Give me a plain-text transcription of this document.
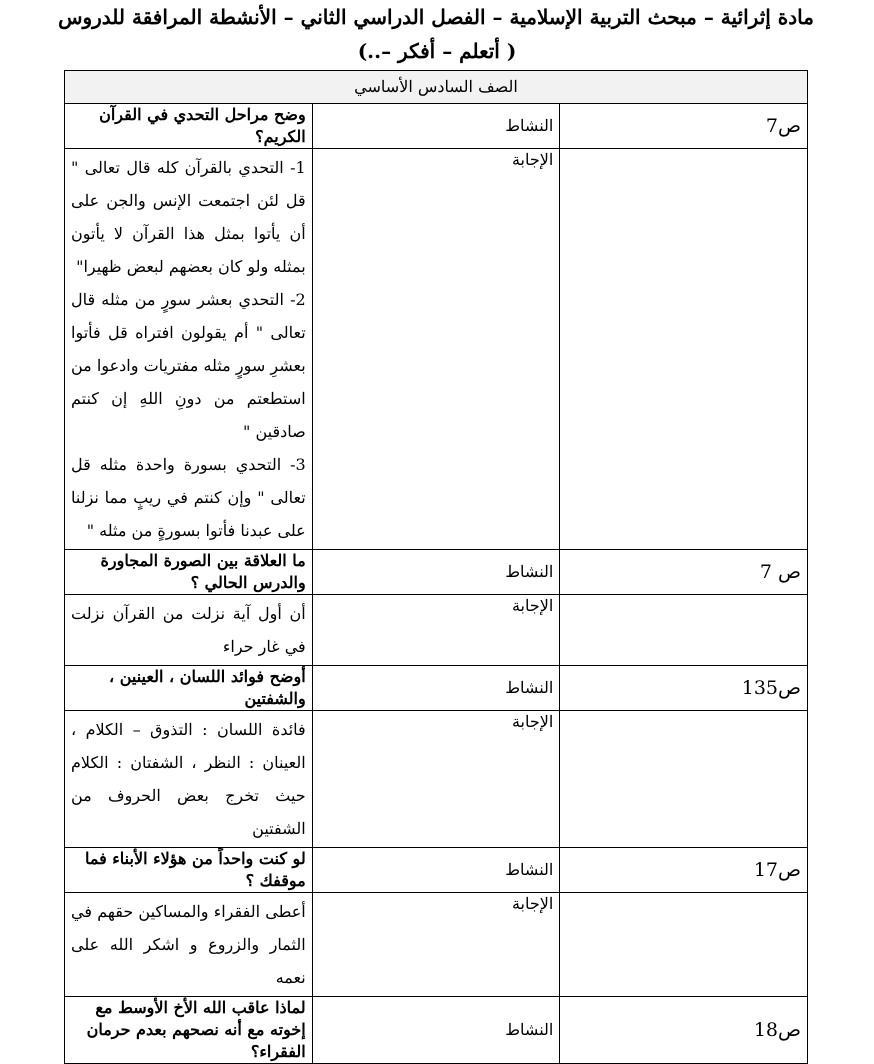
مادة إثرائية – مبحث التربية الإسلامية – الفصل الدراسي الثاني – الأنشطة المرافقة للدروس
( أتعلم – أفكر –..)
الصف السادس الأساسي		
ص7	النشاط	وضح مراحل التحدي في القرآن الكريم؟
	الإجابة	1- التحدي بالقرآن كله قال تعالى " قل لئن اجتمعت الإنس والجن على أن يأتوا بمثل هذا القرآن لا يأتون بمثله ولو كان بعضهم لبعض ظهيرا"

2- التحدي بعشر سورٍ من مثله قال تعالى " أم يقولون افتراه قل فأتوا بعشرِ سورٍ مثله مفتريات وادعوا من استطعتم من دونِ اللهِ إن كنتم صادقين "

3- التحدي بسورة واحدة مثله قل تعالى " وإن كنتم في ريبٍ مما نزلنا على عبدنا فأتوا بسورةٍ من مثله "

ص 7	النشاط	ما العلاقة بين الصورة المجاورة والدرس الحالي ؟
	الإجابة	أن أول آية نزلت من القرآن نزلت في غار حراء

ص135	النشاط	أوضح فوائد اللسان ، العينين ، والشفتين
	الإجابة	فائدة اللسان : التذوق – الكلام ، العينان : النظر ، الشفتان : الكلام حيث تخرج بعض الحروف من الشفتين

ص17	النشاط	لو كنت واحداً من هؤلاء الأبناء فما موقفك ؟
	الإجابة	أعطى الفقراء والمساكين حقهم في الثمار والزروع و اشكر الله على نعمه

ص18	النشاط	لماذا عاقب الله الأخ الأوسط مع إخوته مع أنه نصحهم بعدم حرمان الفقراء؟
